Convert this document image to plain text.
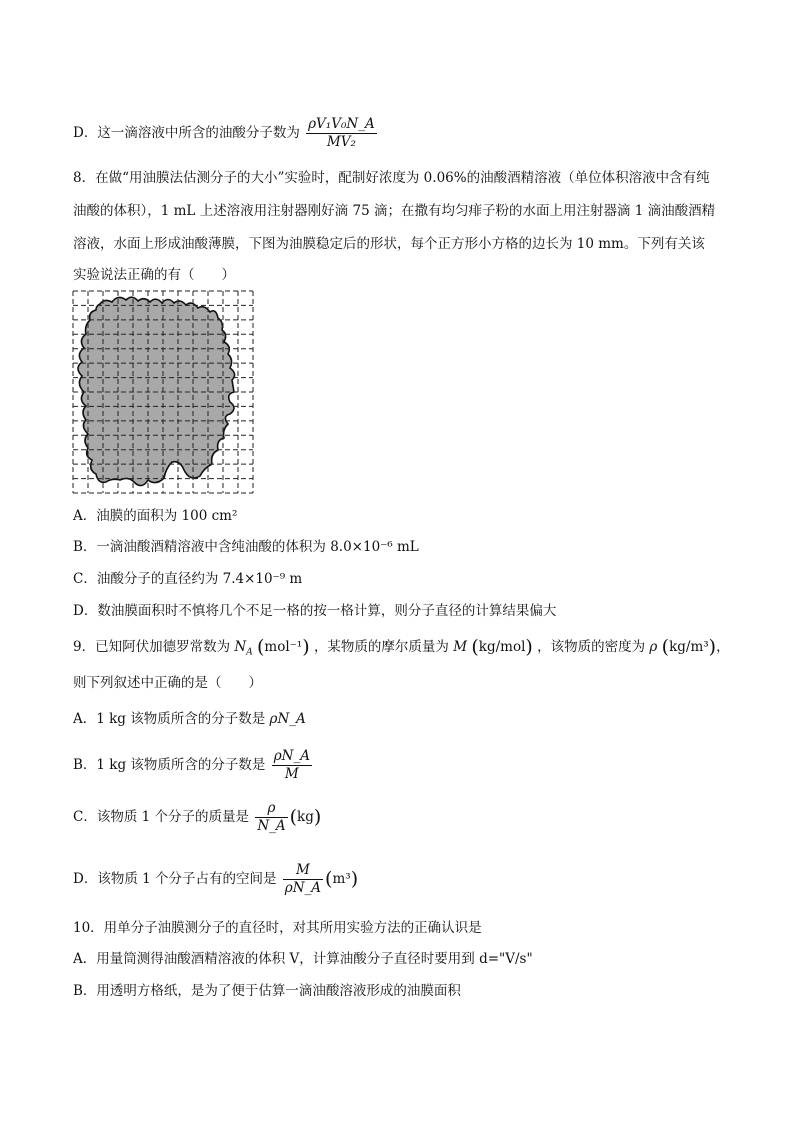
D．这一滴溶液中所含的油酸分子数为 $\frac{\text{ρV₁V₀N\_A}}{\text{MV₂}}$
8．在做“用油膜法估测分子的大小”实验时，配制好浓度为 0.06%的油酸酒精溶液（单位体积溶液中含有纯
油酸的体积），1 mL 上述溶液用注射器刚好滴 75 滴；在撒有均匀痱子粉的水面上用注射器滴 1 滴油酸酒精
溶液，水面上形成油酸薄膜，下图为油膜稳定后的形状，每个正方形小方格的边长为 10 mm。下列有关该
实验说法正确的有（　　）
A．油膜的面积为 100 cm²
B．一滴油酸酒精溶液中含纯油酸的体积为 8.0×10⁻⁶ mL
C．油酸分子的直径约为 7.4×10⁻⁹ m
D．数油膜面积时不慎将几个不足一格的按一格计算，则分子直径的计算结果偏大
9．已知阿伏加德罗常数为 $N_A$ (mol⁻¹) ，某物质的摩尔质量为 M (kg/mol) ，该物质的密度为 ρ (kg/m³)，
则下列叙述中正确的是（　　）
A．1 kg 该物质所含的分子数是 ρN_A
B．1 kg 该物质所含的分子数是 $\frac{\rho N\_A}{M}$
C．该物质 1 个分子的质量是 $\frac{\rho}{N\_A} (kg)$
D．该物质 1 个分子占有的空间是 $\frac{M}{\rho N\_A} (m^3)$
10．用单分子油膜测分子的直径时，对其所用实验方法的正确认识是
A．用量筒测得油酸酒精溶液的体积 V，计算油酸分子直径时要用到 d="V/s"
B．用透明方格纸，是为了便于估算一滴油酸溶液形成的油膜面积
